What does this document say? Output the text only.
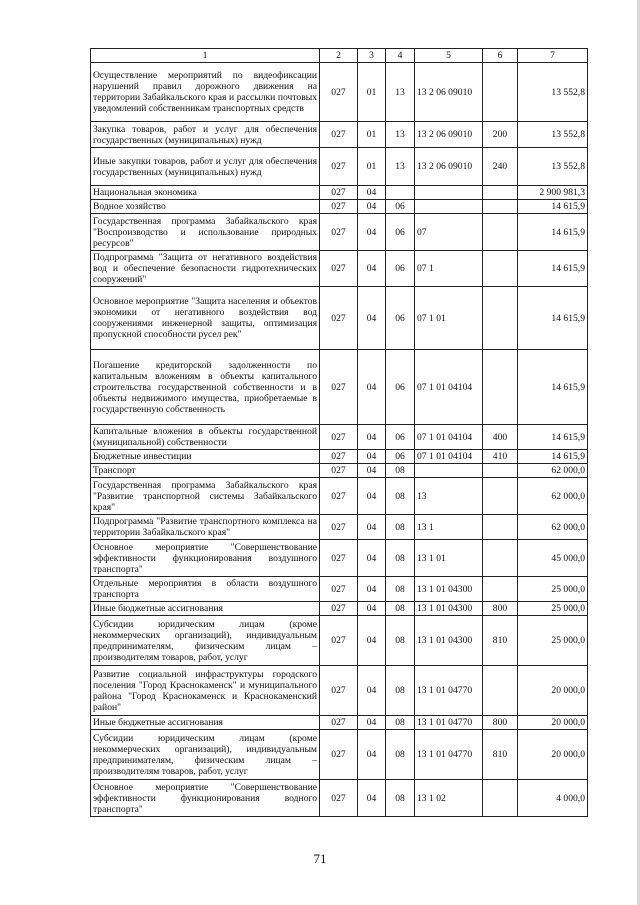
1	2	3	4	5	6	7
Осуществление мероприятий по видеофиксации нарушений правил дорожного движения на территории Забайкальского края и рассылки почтовых уведомлений собственникам транспортных средств	027	01	13	13 2 06 09010		13 552,8
Закупка товаров, работ и услуг для обеспечения государственных (муниципальных) нужд	027	01	13	13 2 06 09010	200	13 552,8
Иные закупки товаров, работ и услуг для обеспечения государственных (муниципальных) нужд	027	01	13	13 2 06 09010	240	13 552,8
Национальная экономика	027	04				2 900 981,3
Водное хозяйство	027	04	06			14 615,9
Государственная программа Забайкальского края "Воспроизводство и использование природных ресурсов"	027	04	06	07		14 615,9
Подпрограмма "Защита от негативного воздействия вод и обеспечение безопасности гидротехнических сооружений"	027	04	06	07 1		14 615,9
Основное мероприятие "Защита населения и объектов экономики от негативного воздействия вод сооружениями инженерной защиты, оптимизация пропускной способности русел рек"	027	04	06	07 1 01		14 615,9
Погашение кредиторской задолженности по капитальным вложениям в объекты капитального строительства государственной собственности и в объекты недвижимого имущества, приобретаемые в государственную собственность	027	04	06	07 1 01 04104		14 615,9
Капитальные вложения в объекты государственной (муниципальной) собственности	027	04	06	07 1 01 04104	400	14 615,9
Бюджетные инвестиции	027	04	06	07 1 01 04104	410	14 615,9
Транспорт	027	04	08			62 000,0
Государственная программа Забайкальского края "Развитие транспортной системы Забайкальского края"	027	04	08	13		62 000,0
Подпрограмма "Развитие транспортного комплекса на территории Забайкальского края"	027	04	08	13 1		62 000,0
Основное мероприятие "Совершенствование эффективности функционирования воздушного транспорта"	027	04	08	13 1 01		45 000,0
Отдельные мероприятия в области воздушного транспорта	027	04	08	13 1 01 04300		25 000,0
Иные бюджетные ассигнования	027	04	08	13 1 01 04300	800	25 000,0
Субсидии юридическим лицам (кроме некоммерческих организаций), индивидуальным предпринимателям, физическим лицам – производителям товаров, работ, услуг	027	04	08	13 1 01 04300	810	25 000,0
Развитие социальной инфраструктуры городского поселения "Город Краснокаменск" и муниципального района "Город Краснокаменск и Краснокаменский район"	027	04	08	13 1 01 04770		20 000,0
Иные бюджетные ассигнования	027	04	08	13 1 01 04770	800	20 000,0
Субсидии юридическим лицам (кроме некоммерческих организаций), индивидуальным предпринимателям, физическим лицам – производителям товаров, работ, услуг	027	04	08	13 1 01 04770	810	20 000,0
Основное мероприятие "Совершенствование эффективности функционирования водного транспорта"	027	04	08	13 1 02		4 000,0
71
